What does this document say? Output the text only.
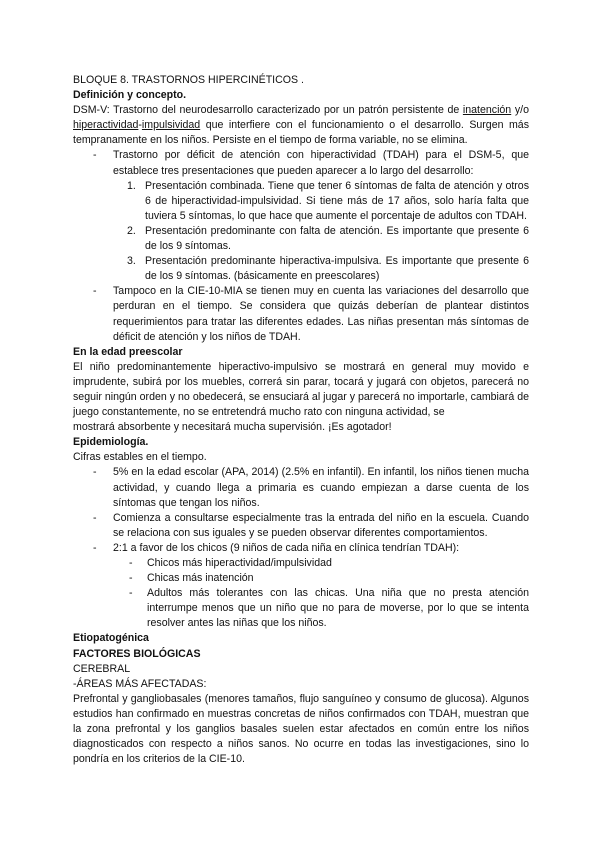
BLOQUE 8. TRASTORNOS HIPERCINÉTICOS .

Definición y concepto.

DSM-V: Trastorno del neurodesarrollo caracterizado por un patrón persistente de inatención y/o hiperactividad-impulsividad que interfiere con el funcionamiento o el desarrollo. Surgen más tempranamente en los niños. Persiste en el tiempo de forma variable, no se elimina.

- Trastorno por déficit de atención con hiperactividad (TDAH) para el DSM-5, que establece tres presentaciones que pueden aparecer a lo largo del desarrollo:
1. Presentación combinada. Tiene que tener 6 síntomas de falta de atención y otros 6 de hiperactividad-impulsividad. Si tiene más de 17 años, solo haría falta que tuviera 5 síntomas, lo que hace que aumente el porcentaje de adultos con TDAH.
2. Presentación predominante con falta de atención. Es importante que presente 6 de los 9 síntomas.
3. Presentación predominante hiperactiva-impulsiva. Es importante que presente 6 de los 9 síntomas. (básicamente en preescolares)
- Tampoco en la CIE-10-MIA se tienen muy en cuenta las variaciones del desarrollo que perduran en el tiempo. Se considera que quizás deberían de plantear distintos requerimientos para tratar las diferentes edades. Las niñas presentan más síntomas de déficit de atención y los niños de TDAH.

En la edad preescolar

El niño predominantemente hiperactivo-impulsivo se mostrará en general muy movido e imprudente, subirá por los muebles, correrá sin parar, tocará y jugará con objetos, parecerá no seguir ningún orden y no obedecerá, se ensuciará al jugar y parecerá no importarle, cambiará de juego constantemente, no se entretendrá mucho rato con ninguna actividad, se

mostrará absorbente y necesitará mucha supervisión. ¡Es agotador!

Epidemiología.

Cifras estables en el tiempo.

- 5% en la edad escolar (APA, 2014) (2.5% en infantil). En infantil, los niños tienen mucha actividad, y cuando llega a primaria es cuando empiezan a darse cuenta de los síntomas que tengan los niños.
- Comienza a consultarse especialmente tras la entrada del niño en la escuela. Cuando se relaciona con sus iguales y se pueden observar diferentes comportamientos.
- 2:1 a favor de los chicos (9 niños de cada niña en clínica tendrían TDAH):
- Chicos más hiperactividad/impulsividad
- Chicas más inatención
- Adultos más tolerantes con las chicas. Una niña que no presta atención interrumpe menos que un niño que no para de moverse, por lo que se intenta resolver antes las niñas que los niños.

Etiopatogénica

FACTORES BIOLÓGICAS

CEREBRAL

-ÁREAS MÁS AFECTADAS:

Prefrontal y gangliobasales (menores tamaños, flujo sanguíneo y consumo de glucosa). Algunos estudios han confirmado en muestras concretas de niños confirmados con TDAH, muestran que la zona prefrontal y los ganglios basales suelen estar afectados en común entre los niños diagnosticados con respecto a niños sanos. No ocurre en todas las investigaciones, sino lo pondría en los criterios de la CIE-10.
